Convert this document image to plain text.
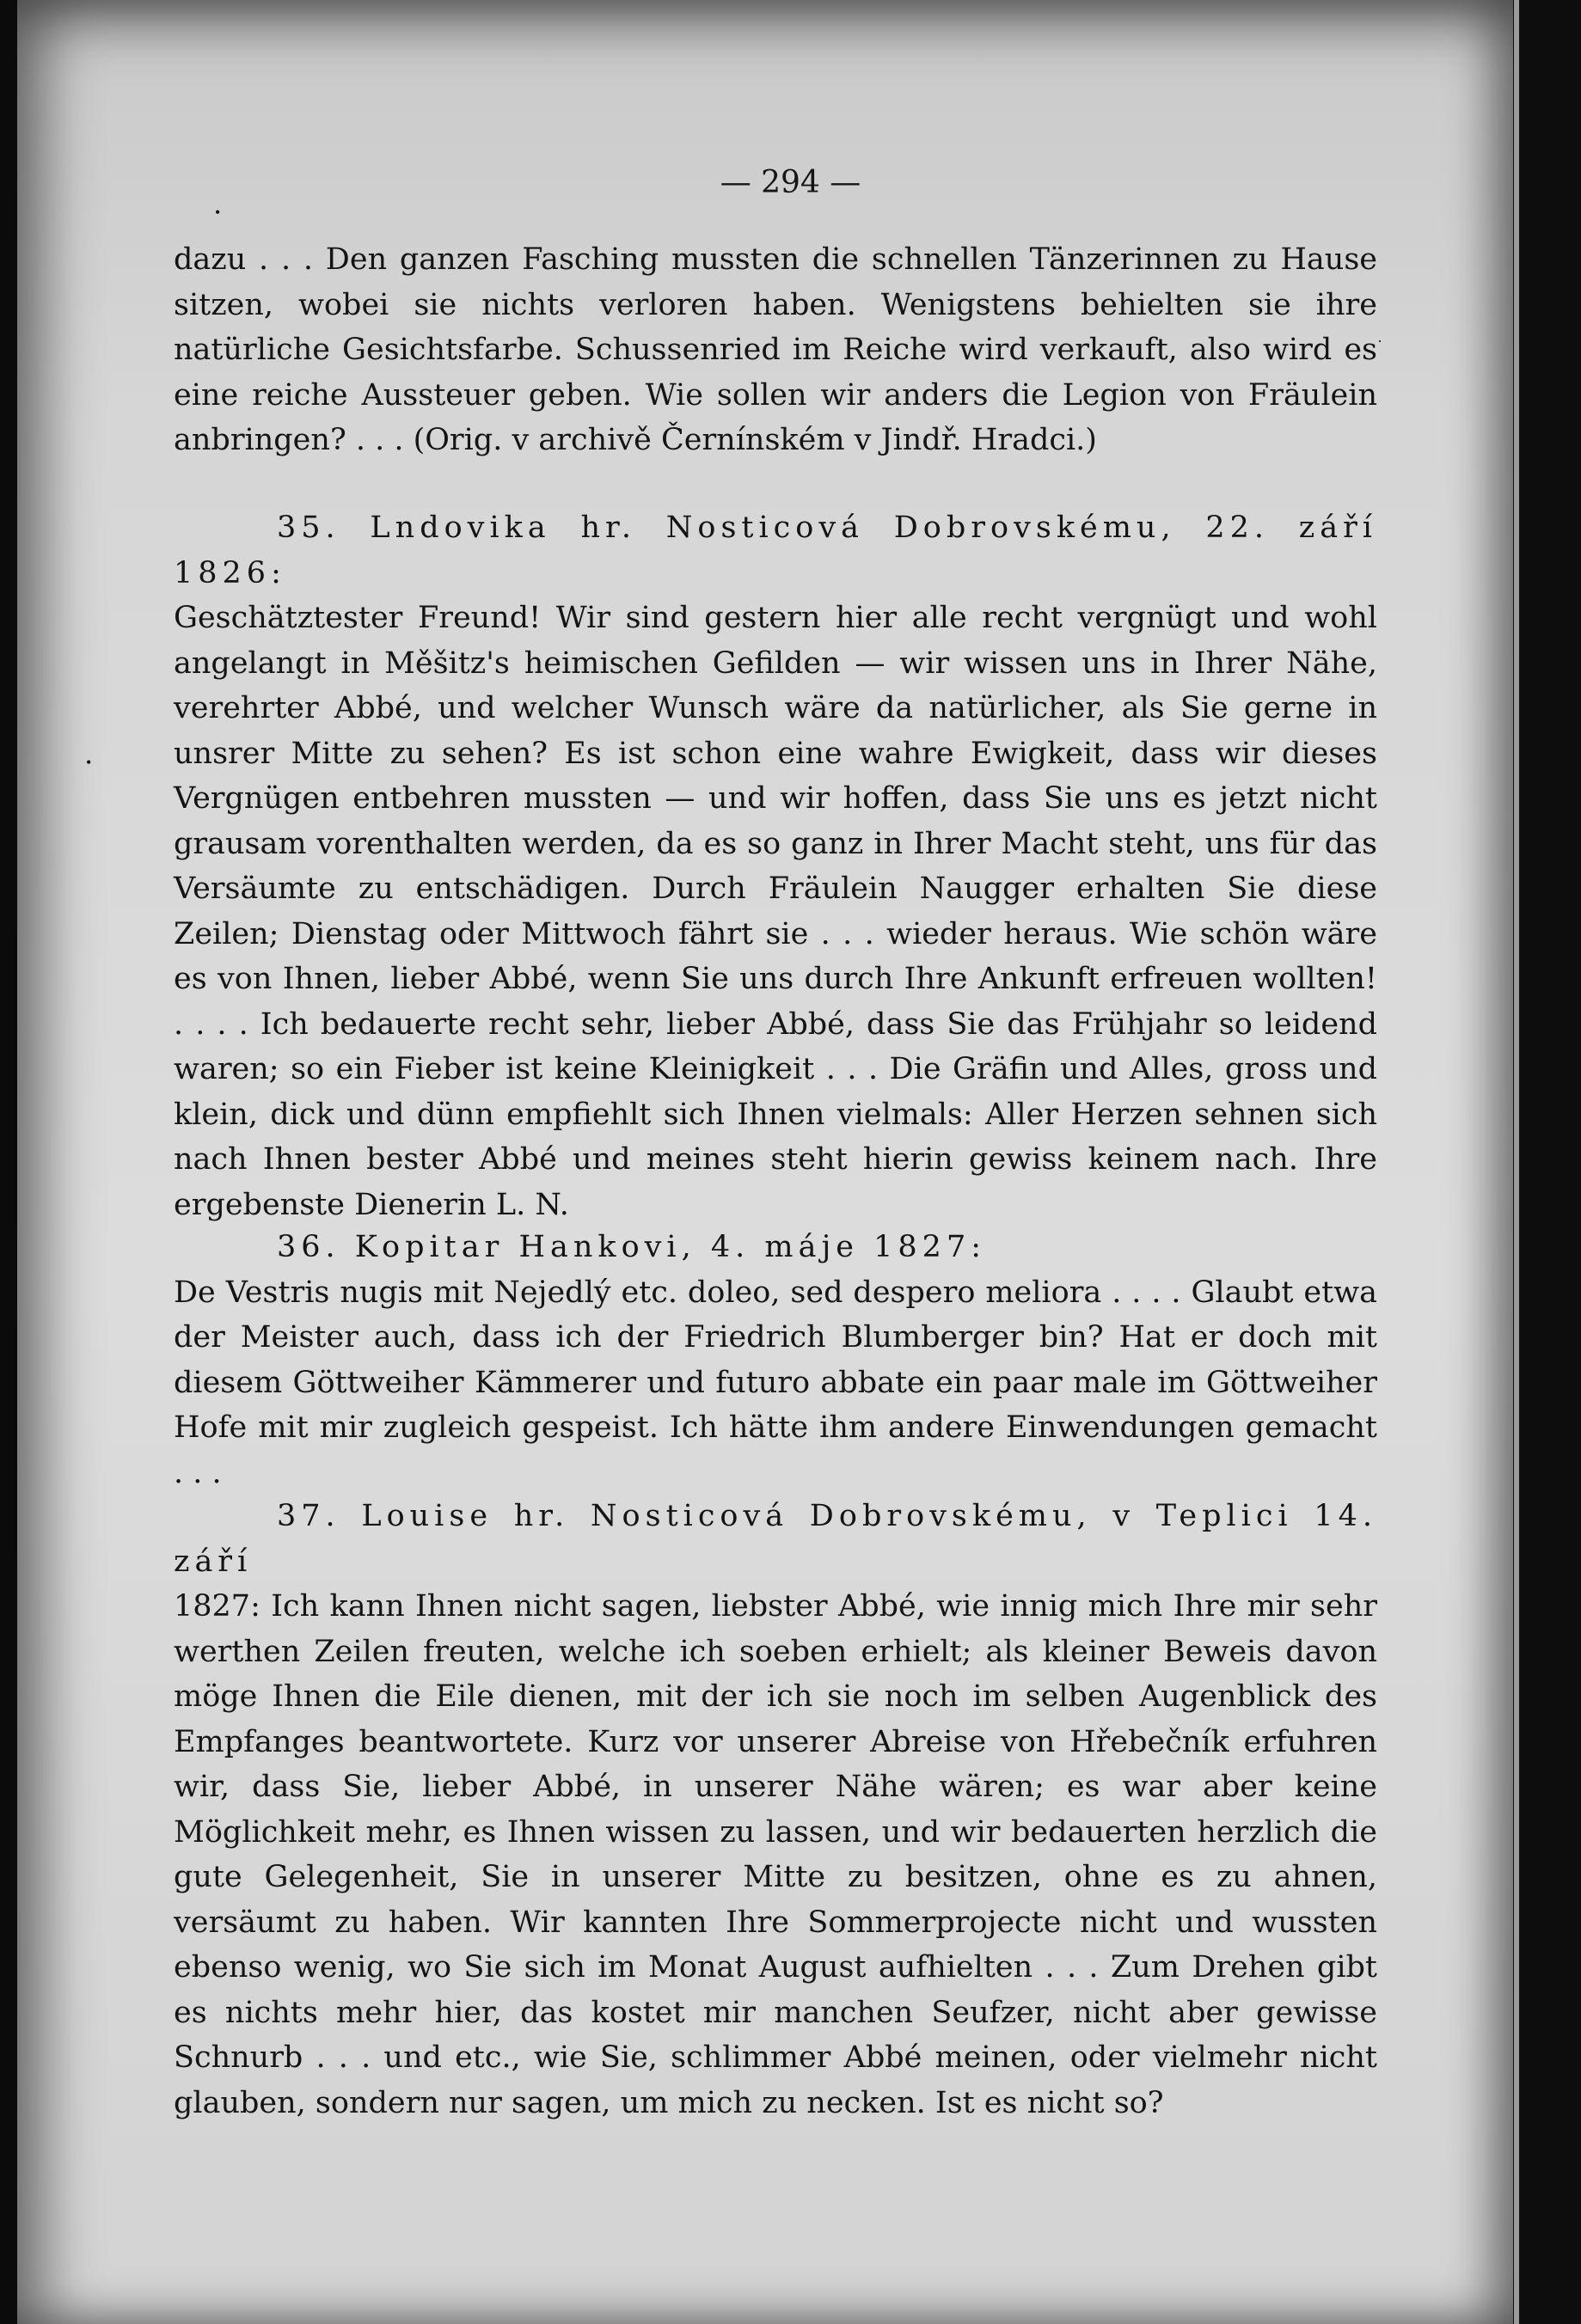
•
•
·
— 294 —

dazu . . . Den ganzen Fasching mussten die schnellen Tänzerinnen zu Hause sitzen, wobei sie nichts verloren haben. Wenigstens behielten sie ihre natürliche Gesichtsfarbe. Schussenried im Reiche wird verkauft, also wird es eine reiche Aussteuer geben. Wie sollen wir anders die Legion von Fräulein anbringen? . . . (Orig. v archivě Černínském v Jindř. Hradci.)

35. Lndovika hr. Nosticová Dobrovskému, 22. září 1826:

Geschätztester Freund! Wir sind gestern hier alle recht vergnügt und wohl angelangt in Měšitz's heimischen Gefilden — wir wissen uns in Ihrer Nähe, verehrter Abbé, und welcher Wunsch wäre da natürlicher, als Sie gerne in unsrer Mitte zu sehen? Es ist schon eine wahre Ewigkeit, dass wir dieses Vergnügen entbehren mussten — und wir hoffen, dass Sie uns es jetzt nicht grausam vorenthalten werden, da es so ganz in Ihrer Macht steht, uns für das Versäumte zu entschädigen. Durch Fräulein Naugger erhalten Sie diese Zeilen; Dienstag oder Mittwoch fährt sie . . . wieder heraus. Wie schön wäre es von Ihnen, lieber Abbé, wenn Sie uns durch Ihre Ankunft erfreuen wollten! . . . . Ich bedauerte recht sehr, lieber Abbé, dass Sie das Frühjahr so leidend waren; so ein Fieber ist keine Kleinigkeit . . . Die Gräfin und Alles, gross und klein, dick und dünn empfiehlt sich Ihnen vielmals: Aller Herzen sehnen sich nach Ihnen bester Abbé und meines steht hierin gewiss keinem nach. Ihre ergebenste Dienerin L. N.

36. Kopitar Hankovi, 4. máje 1827:

De Vestris nugis mit Nejedlý etc. doleo, sed despero meliora . . . . Glaubt etwa der Meister auch, dass ich der Friedrich Blumberger bin? Hat er doch mit diesem Göttweiher Kämmerer und futuro abbate ein paar male im Göttweiher Hofe mit mir zugleich gespeist. Ich hätte ihm andere Einwendungen gemacht . . .

37. Louise hr. Nosticová Dobrovskému, v Teplici 14. září

1827: Ich kann Ihnen nicht sagen, liebster Abbé, wie innig mich Ihre mir sehr werthen Zeilen freuten, welche ich soeben erhielt; als kleiner Beweis davon möge Ihnen die Eile dienen, mit der ich sie noch im selben Augenblick des Empfanges beantwortete. Kurz vor unserer Abreise von Hřebečník erfuhren wir, dass Sie, lieber Abbé, in unserer Nähe wären; es war aber keine Möglichkeit mehr, es Ihnen wissen zu lassen, und wir bedauerten herzlich die gute Gelegenheit, Sie in unserer Mitte zu besitzen, ohne es zu ahnen, versäumt zu haben. Wir kannten Ihre Sommerprojecte nicht und wussten ebenso wenig, wo Sie sich im Monat August aufhielten . . . Zum Drehen gibt es nichts mehr hier, das kostet mir manchen Seufzer, nicht aber gewisse Schnurb . . . und etc., wie Sie, schlimmer Abbé meinen, oder vielmehr nicht glauben, sondern nur sagen, um mich zu necken. Ist es nicht so?
